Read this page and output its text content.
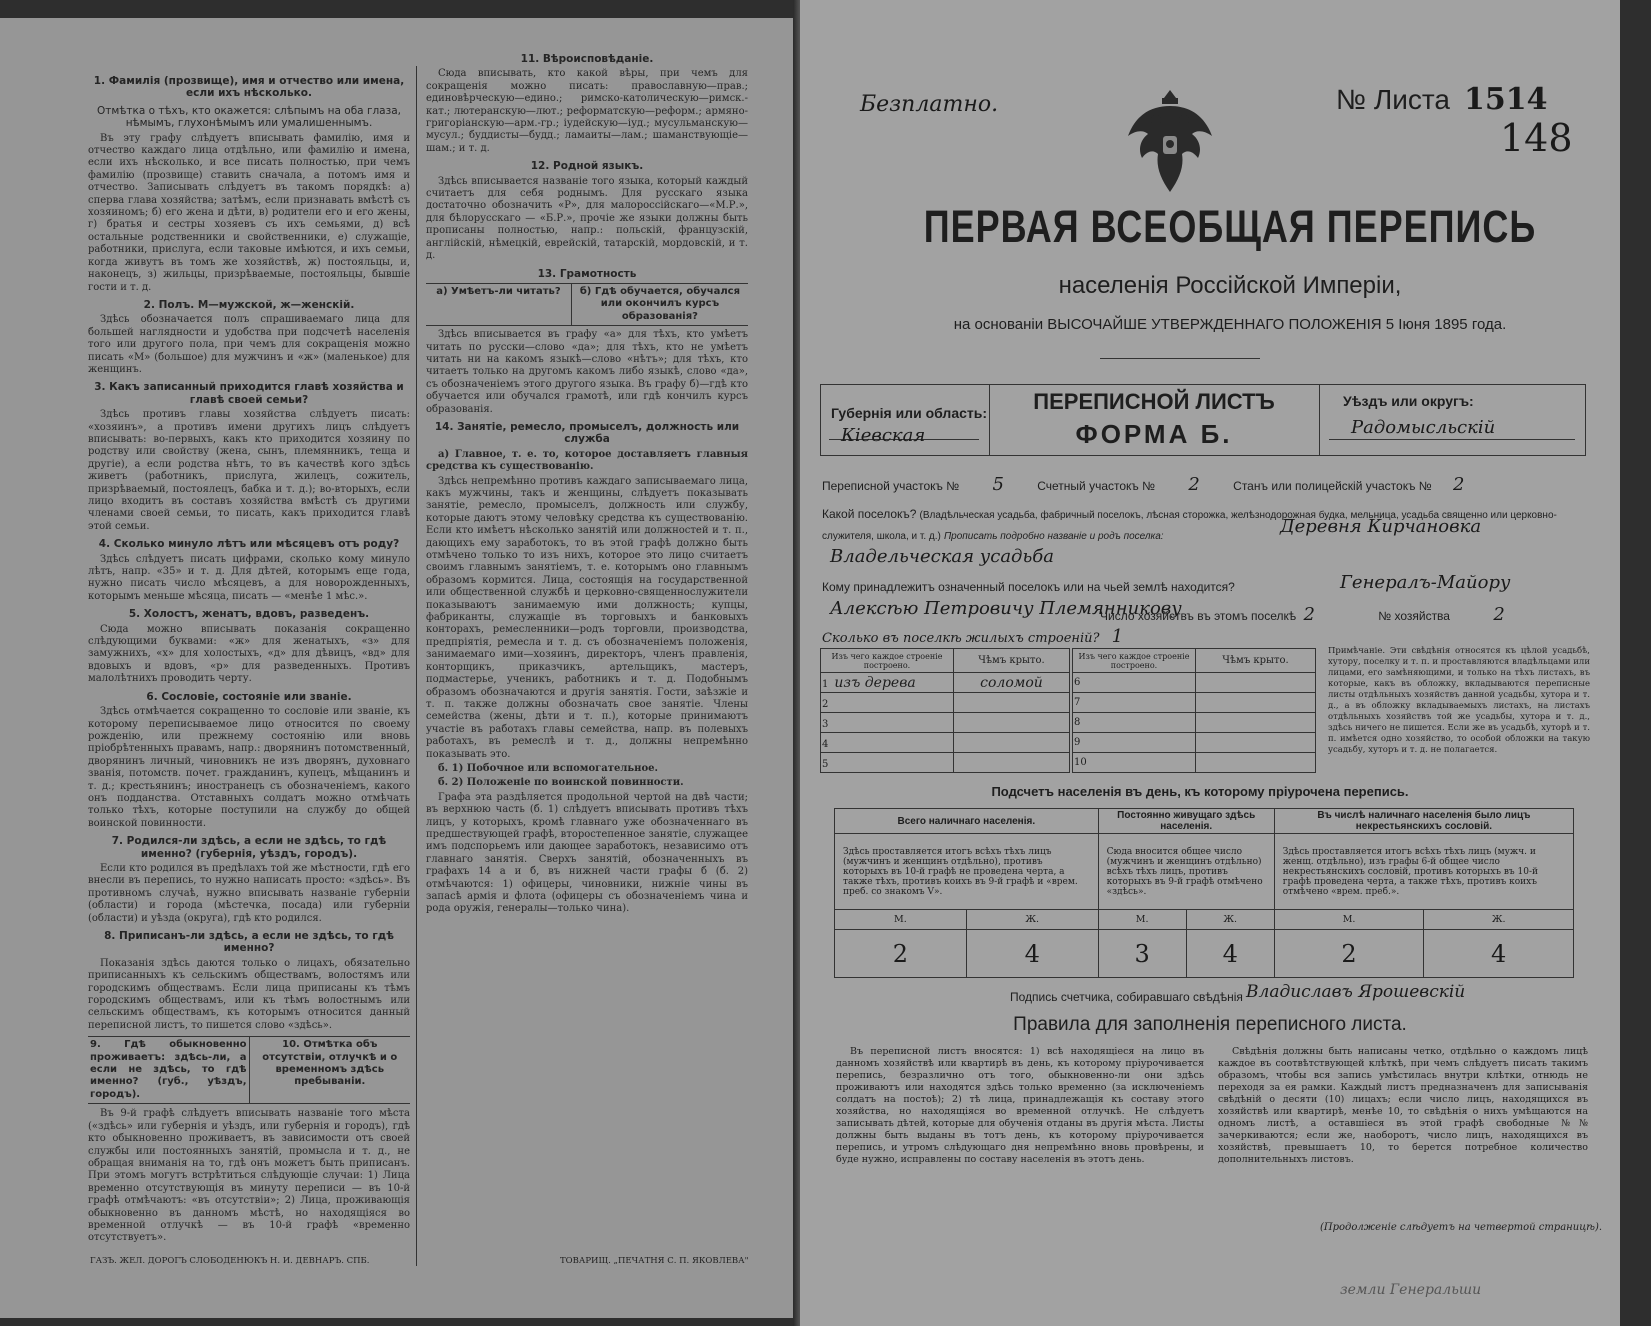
1. Фамилія (прозвище), имя и отчество или имена, если ихъ нѣсколько.
Отмѣтка о тѣхъ, кто окажется: слѣпымъ на оба глаза, нѣмымъ, глухонѣмымъ или умалишеннымъ.

Въ эту графу слѣдуетъ вписывать фамилію, имя и отчество каждаго лица отдѣльно, или фамилію и имена, если ихъ нѣсколько, и все писать полностью, при чемъ фамилію (прозвище) ставить сначала, а потомъ имя и отчество. Записывать слѣдуетъ въ такомъ порядкѣ: а) сперва глава хозяйства; затѣмъ, если признавать вмѣстѣ съ хозяиномъ; б) его жена и дѣти, в) родители его и его жены, г) братья и сестры хозяевъ съ ихъ семьями, д) всѣ остальные родственники и свойственники, е) служащіе, работники, прислуга, если таковые имѣются, и ихъ семьи, когда живутъ въ томъ же хозяйствѣ, ж) постояльцы, и, наконецъ, з) жильцы, призрѣваемые, постояльцы, бывшіе гости и т. д.

2. Полъ. М—мужской, ж—женскій.

Здѣсь обозначается полъ спрашиваемаго лица для большей наглядности и удобства при подсчетѣ населенія того или другого пола, при чемъ для сокращенія можно писать «М» (большое) для мужчинъ и «ж» (маленькое) для женщинъ.

3. Какъ записанный приходится главѣ хозяйства и главѣ своей семьи?

Здѣсь противъ главы хозяйства слѣдуетъ писать: «хозяинъ», а противъ имени другихъ лицъ слѣдуетъ вписывать: во-первыхъ, какъ кто приходится хозяину по родству или свойству (жена, сынъ, племянникъ, теща и другіе), а если родства нѣтъ, то въ качествѣ кого здѣсь живетъ (работникъ, прислуга, жилецъ, сожитель, призрѣваемый, постоялецъ, бабка и т. д.); во-вторыхъ, если лицо входитъ въ составъ хозяйства вмѣстѣ съ другими членами своей семьи, то писать, какъ приходится главѣ этой семьи.

4. Сколько минуло лѣтъ или мѣсяцевъ отъ роду?

Здѣсь слѣдуетъ писать цифрами, сколько кому минуло лѣтъ, напр. «35» и т. д. Для дѣтей, которымъ еще года, нужно писать число мѣсяцевъ, а для новорожденныхъ, которымъ меньше мѣсяца, писать — «менѣе 1 мѣс.».

5. Холостъ, женатъ, вдовъ, разведенъ.

Сюда можно вписывать показанія сокращенно слѣдующими буквами: «ж» для женатыхъ, «з» для замужнихъ, «х» для холостыхъ, «д» для дѣвицъ, «вд» для вдовыхъ и вдовъ, «р» для разведенныхъ. Противъ малолѣтнихъ проводить черту.

6. Сословіе, состояніе или званіе.

Здѣсь отмѣчается сокращенно то сословіе или званіе, къ которому переписываемое лицо относится по своему рожденію, или прежнему состоянію или вновь пріобрѣтенныхъ правамъ, напр.: дворянинъ потомственный, дворянинъ личный, чиновникъ не изъ дворянъ, духовнаго званія, потомств. почет. гражданинъ, купецъ, мѣщанинъ и т. д.; крестьянинъ; иностранецъ съ обозначеніемъ, какого онъ подданства. Отставныхъ солдатъ можно отмѣчать только тѣхъ, которые поступили на службу до общей воинской повинности.

7. Родился-ли здѣсь, а если не здѣсь, то гдѣ именно? (губернія, уѣздъ, городъ).

Если кто родился въ предѣлахъ той же мѣстности, гдѣ его внесли въ перепись, то нужно написать просто: «здѣсь». Въ противномъ случаѣ, нужно вписывать названіе губерніи (области) и города (мѣстечка, посада) или губерніи (области) и уѣзда (округа), гдѣ кто родился.

8. Приписанъ-ли здѣсь, а если не здѣсь, то гдѣ именно?

Показанія здѣсь даются только о лицахъ, обязательно приписанныхъ къ сельскимъ обществамъ, волостямъ или городскимъ обществамъ. Если лица приписаны къ тѣмъ городскимъ обществамъ, или къ тѣмъ волостнымъ или сельскимъ обществамъ, къ которымъ относится данный переписной листъ, то пишется слово «здѣсь».

9. Гдѣ обыкновенно проживаетъ: здѣсь-ли, а если не здѣсь, то гдѣ именно? (губ., уѣздъ, городъ).
10. Отмѣтка объ отсутствіи, отлучкѣ и о временномъ здѣсь пребываніи.

Въ 9-й графѣ слѣдуетъ вписывать названіе того мѣста («здѣсь» или губернія и уѣздъ, или губернія и городъ), гдѣ кто обыкновенно проживаетъ, въ зависимости отъ своей службы или постоянныхъ занятій, промысла и т. д., не обращая вниманія на то, гдѣ онъ можетъ быть приписанъ. При этомъ могутъ встрѣтиться слѣдующіе случаи: 1) Лица временно отсутствующія въ минуту переписи — въ 10-й графѣ отмѣчаютъ: «въ отсутствіи»; 2) Лица, проживающія обыкновенно въ данномъ мѣстѣ, но находящіяся во временной отлучкѣ — въ 10-й графѣ «временно отсутствуетъ».

ГАЗЪ. ЖЕЛ. ДОРОГЪ СЛОБОДЕНЮКЪ Н. И. ДЕВНАРЪ. СПБ.
11. Вѣроисповѣданіе.

Сюда вписывать, кто какой вѣры, при чемъ для сокращенія можно писать: православную—прав.; единовѣрческую—едино.; римско-католическую—римск.-кат.; лютеранскую—лют.; реформатскую—реформ.; армяно-григоріанскую—арм.-гр.; іудейскую—іуд.; мусульманскую—мусул.; буддисты—будд.; ламаиты—лам.; шаманствующіе—шам.; и т. д.

12. Родной языкъ.

Здѣсь вписывается названіе того языка, который каждый считаетъ для себя роднымъ. Для русскаго языка достаточно обозначить «Р», для малороссійскаго—«М.Р.», для бѣлорусскаго — «Б.Р.», прочіе же языки должны быть прописаны полностью, напр.: польскій, французскій, англійскій, нѣмецкій, еврейскій, татарскій, мордовскій, и т. д.

13. Грамотность
а) Умѣетъ-ли читать?	б) Гдѣ обучается, обучался или окончилъ курсъ образованія?

Здѣсь вписывается въ графу «а» для тѣхъ, кто умѣетъ читать по русски—слово «да»; для тѣхъ, кто не умѣетъ читать ни на какомъ языкѣ—слово «нѣтъ»; для тѣхъ, кто читаетъ только на другомъ какомъ либо языкѣ, слово «да», съ обозначеніемъ этого другого языка. Въ графу б)—гдѣ кто обучается или обучался грамотѣ, или гдѣ кончилъ курсъ образованія.

14. Занятіе, ремесло, промыселъ, должность или служба

а) Главное, т. е. то, которое доставляетъ главныя средства къ существованію.

Здѣсь непремѣнно противъ каждаго записываемаго лица, какъ мужчины, такъ и женщины, слѣдуетъ показывать занятіе, ремесло, промыселъ, должность или службу, которые даютъ этому человѣку средства къ существованію. Если кто имѣетъ нѣсколько занятій или должностей и т. п., дающихъ ему заработокъ, то въ этой графѣ должно быть отмѣчено только то изъ нихъ, которое это лицо считаетъ своимъ главнымъ занятіемъ, т. е. которымъ оно главнымъ образомъ кормится. Лица, состоящія на государственной или общественной службѣ и церковно-священнослужители показываютъ занимаемую ими должность; купцы, фабриканты, служащіе въ торговыхъ и банковыхъ конторахъ, ремесленники—родъ торговли, производства, предпріятія, ремесла и т. д. съ обозначеніемъ положенія, занимаемаго ими—хозяинъ, директоръ, членъ правленія, конторщикъ, приказчикъ, артельщикъ, мастеръ, подмастерье, ученикъ, работникъ и т. д. Подобнымъ образомъ обозначаются и другія занятія. Гости, заѣзжіе и т. п. также должны обозначать свое занятіе. Члены семейства (жены, дѣти и т. п.), которые принимаютъ участіе въ работахъ главы семейства, напр. въ полевыхъ работахъ, въ ремеслѣ и т. д., должны непремѣнно показывать это.

б. 1) Побочное или вспомогательное.

б. 2) Положеніе по воинской повинности.

Графа эта раздѣляется продольной чертой на двѣ части; въ верхнюю часть (б. 1) слѣдуетъ вписывать противъ тѣхъ лицъ, у которыхъ, кромѣ главнаго уже обозначеннаго въ предшествующей графѣ, второстепенное занятіе, служащее имъ подспорьемъ или дающее заработокъ, независимо отъ главнаго занятія. Сверхъ занятій, обозначенныхъ въ графахъ 14 а и б, въ нижней части графы б (б. 2) отмѣчаются: 1) офицеры, чиновники, нижніе чины въ запасѣ армія и флота (офицеры съ обозначеніемъ чина и рода оружія, генералы—только чина).

ТОВАРИЩ. „ПЕЧАТНЯ С. П. ЯКОВЛЕВА"
Безплатно.	№ Листа 1514
148
ПЕРВАЯ ВСЕОБЩАЯ ПЕРЕПИСЬ
населенія Россійской Имперіи,
на основаніи ВЫСОЧАЙШЕ УТВЕРЖДЕННАГО ПОЛОЖЕНІЯ 5 Іюня 1895 года.
Губернія или область:
Кіевская
ПЕРЕПИСНОЙ ЛИСТЪ
ФОРМА Б.
Уѣздъ или округъ:
Радомысльскій
Переписной участокъ № 5	Счетный участокъ № 2	Станъ или полицейскій участокъ № 2
Какой поселокъ? (Владѣльческая усадьба, фабричный поселокъ, лѣсная сторожка, желѣзнодорожная будка, мельница, усадьба священно или церковно-служителя, школа, и т. д.) Прописать подробно названіе и родъ поселка:	Деревня Кирчановка
Владельческая усадьба
Кому принадлежитъ означенный поселокъ или на чьей землѣ находится?	Генералъ-Майору
Алексѣю Петровичу Племянникову
Число хозяйствъ въ этомъ поселкѣ 2	№ хозяйства 2
Сколько въ поселкѣ жилыхъ строеній? 1
Изъ чего каждое строеніе построено.	Чѣмъ крыто.
1 изъ дерева	соломой
2	
3	
4	
5	
Изъ чего каждое строеніе построено.	Чѣмъ крыто.
6	
7	
8	
9	
10	
Примѣчаніе. Эти свѣдѣнія относятся къ цѣлой усадьбѣ, хутору, поселку и т. п. и проставляются владѣльцами или лицами, его замѣняющими, и только на тѣхъ листахъ, въ которые, какъ въ обложку, вкладываются переписные листы отдѣльныхъ хозяйствъ данной усадьбы, хутора и т. д., а въ обложку вкладываемыхъ листахъ, на листахъ отдѣльныхъ хозяйствъ той же усадьбы, хутора и т. д., здѣсь ничего не пишется. Если же въ усадьбѣ, хуторѣ и т. п. имѣется одно хозяйство, то особой обложки на такую усадьбу, хуторъ и т. д. не полагается.
Подсчетъ населенія въ день, къ которому пріурочена перепись.
Всего наличнаго населенія.		Постоянно живущаго здѣсь населенія.		Въ числѣ наличнаго населенія было лицъ некрестьянскихъ сословій.	
Здѣсь проставляется итогъ всѣхъ тѣхъ лицъ (мужчинъ и женщинъ отдѣльно), противъ которыхъ въ 10-й графѣ не проведена черта, а также тѣхъ, противъ коихъ въ 9-й графѣ и «врем. преб. со знакомъ V».		Сюда вносится общее число (мужчинъ и женщинъ отдѣльно) всѣхъ тѣхъ лицъ, противъ которыхъ въ 9-й графѣ отмѣчено «здѣсь».		Здѣсь проставляется итогъ всѣхъ тѣхъ лицъ (мужч. и женщ. отдѣльно), изъ графы 6-й общее число некрестьянскихъ сословій, противъ которыхъ въ 10-й графѣ проведена черта, а также тѣхъ, противъ коихъ отмѣчено «врем. преб.».	
М.	Ж.	М.	Ж.	М.	Ж.
2	4	3	4	2	4
Подпись счетчика, собиравшаго свѣдѣнія Владиславъ Ярошевскій
Правила для заполненія переписного листа.
Въ переписной листъ вносятся: 1) всѣ находящіеся на лицо въ данномъ хозяйствѣ или квартирѣ въ день, къ которому пріурочивается перепись, безразлично отъ того, обыкновенно-ли они здѣсь проживаютъ или находятся здѣсь только временно (за исключеніемъ солдатъ на постоѣ); 2) тѣ лица, принадлежащія къ составу этого хозяйства, но находящіяся во временной отлучкѣ. Не слѣдуетъ записывать дѣтей, которые для обученія отданы въ другія мѣста. Листы должны быть выданы въ тотъ день, къ которому пріурочивается перепись, и утромъ слѣдующаго дня непремѣнно вновь провѣрены, и буде нужно, исправлены по составу населенія въ этотъ день.
Свѣдѣнія должны быть написаны четко, отдѣльно о каждомъ лицѣ каждое въ соотвѣтствующей клѣткѣ, при чемъ слѣдуетъ писать такимъ образомъ, чтобы вся запись умѣстилась внутри клѣтки, отнюдь не переходя за ея рамки. Каждый листъ предназначенъ для записыванія свѣдѣній о десяти (10) лицахъ; если число лицъ, находящихся въ хозяйствѣ или квартирѣ, менѣе 10, то свѣдѣнія о нихъ умѣщаются на одномъ листѣ, а оставшіеся въ этой графѣ свободные №№ зачеркиваются; если же, наоборотъ, число лицъ, находящихся въ хозяйствѣ, превышаетъ 10, то берется потребное количество дополнительныхъ листовъ.
(Продолженіе слѣдуетъ на четвертой страницѣ).
земли Генеральши
